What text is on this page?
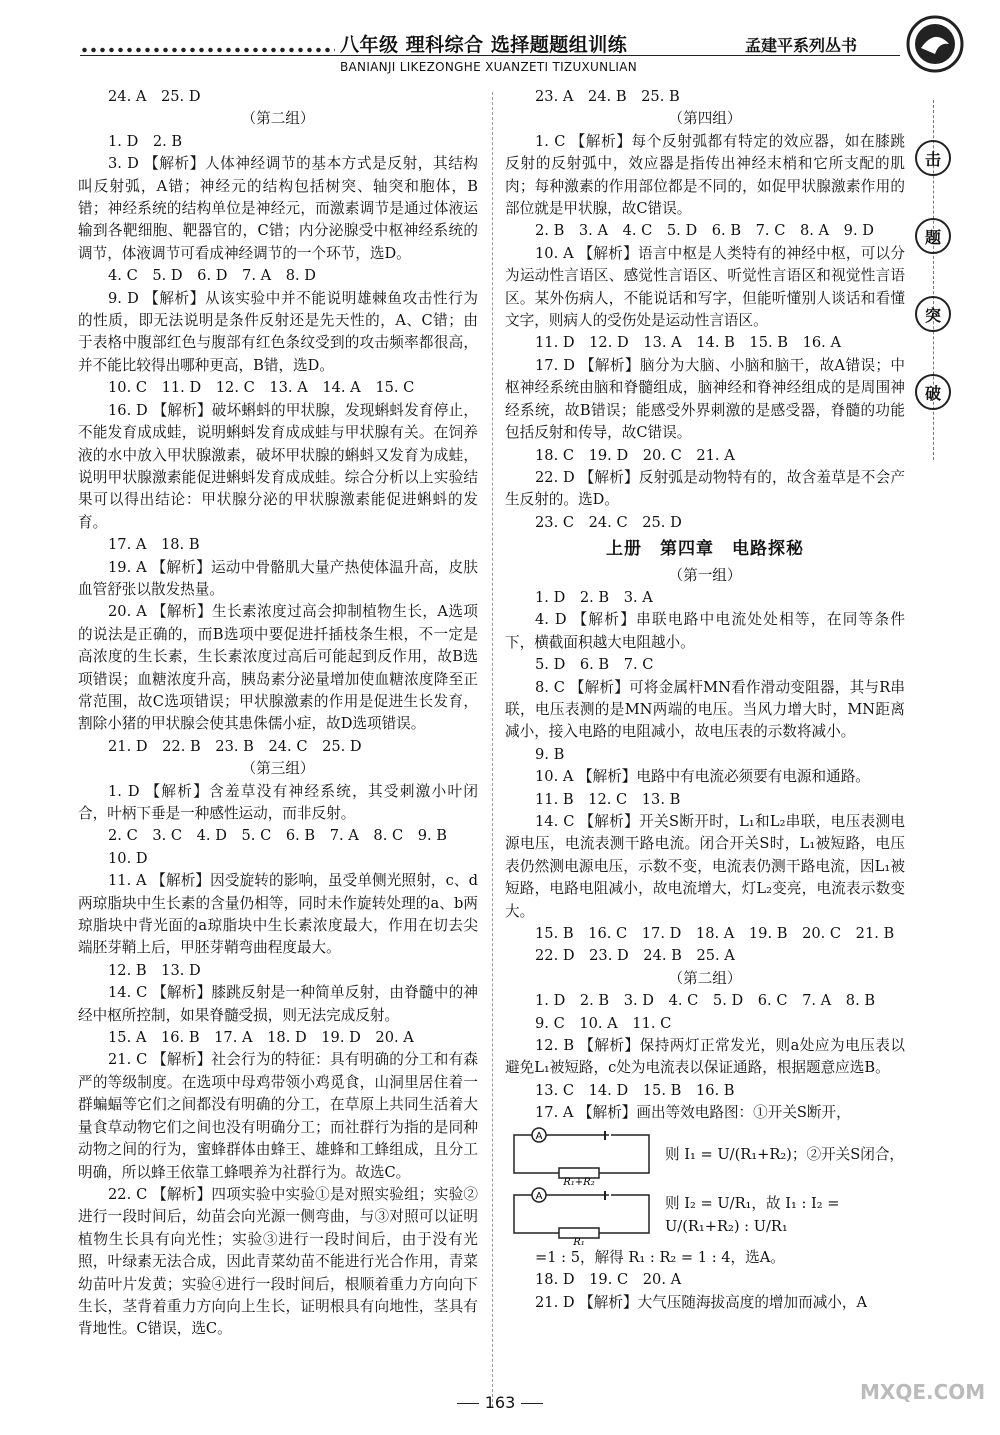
八年级 理科综合 选择题题组训练	孟建平系列丛书
BANIANJI LIKEZONGHE XUANZETI TIZUXUNLIAN
击
题
突
破

24. A　25. D

（第二组）

1. D　2. B

3. D 【解析】人体神经调节的基本方式是反射，其结构叫反射弧，A错；神经元的结构包括树突、轴突和胞体，B错；神经系统的结构单位是神经元，而激素调节是通过体液运输到各靶细胞、靶器官的，C错；内分泌腺受中枢神经系统的调节，体液调节可看成神经调节的一个环节，选D。

4. C　5. D　6. D　7. A　8. D

9. D 【解析】从该实验中并不能说明雄棘鱼攻击性行为的性质，即无法说明是条件反射还是先天性的，A、C错；由于表格中腹部红色与腹部有红色条纹受到的攻击频率都很高，并不能比较得出哪种更高，B错，选D。

10. C　11. D　12. C　13. A　14. A　15. C

16. D 【解析】破坏蝌蚪的甲状腺，发现蝌蚪发育停止，不能发育成成蛙，说明蝌蚪发育成成蛙与甲状腺有关。在饲养液的水中放入甲状腺激素，破坏甲状腺的蝌蚪又发育为成蛙，说明甲状腺激素能促进蝌蚪发育成成蛙。综合分析以上实验结果可以得出结论：甲状腺分泌的甲状腺激素能促进蝌蚪的发育。

17. A　18. B

19. A 【解析】运动中骨骼肌大量产热使体温升高，皮肤血管舒张以散发热量。

20. A 【解析】生长素浓度过高会抑制植物生长，A选项的说法是正确的，而B选项中要促进扦插枝条生根，不一定是高浓度的生长素，生长素浓度过高后可能起到反作用，故B选项错误；血糖浓度升高，胰岛素分泌量增加使血糖浓度降至正常范围，故C选项错误；甲状腺激素的作用是促进生长发育，割除小猪的甲状腺会使其患侏儒小症，故D选项错误。

21. D　22. B　23. B　24. C　25. D

（第三组）

1. D 【解析】含羞草没有神经系统，其受刺激小叶闭合，叶柄下垂是一种感性运动，而非反射。

2. C　3. C　4. D　5. C　6. B　7. A　8. C　9. B

10. D

11. A 【解析】因受旋转的影响，虽受单侧光照射，c、d两琼脂块中生长素的含量仍相等，同时未作旋转处理的a、b两琼脂块中背光面的a琼脂块中生长素浓度最大，作用在切去尖端胚芽鞘上后，甲胚芽鞘弯曲程度最大。

12. B　13. D

14. C 【解析】膝跳反射是一种简单反射，由脊髓中的神经中枢所控制，如果脊髓受损，则无法完成反射。

15. A　16. B　17. A　18. D　19. D　20. A

21. C 【解析】社会行为的特征：具有明确的分工和有森严的等级制度。在选项中母鸡带领小鸡觅食，山洞里居住着一群蝙蝠等它们之间都没有明确的分工，在草原上共同生活着大量食草动物它们之间也没有明确分工；而社群行为指的是同种动物之间的行为，蜜蜂群体由蜂王、雄蜂和工蜂组成，且分工明确，所以蜂王依靠工蜂喂养为社群行为。故选C。

22. C 【解析】四项实验中实验①是对照实验组；实验②进行一段时间后，幼苗会向光源一侧弯曲，与③对照可以证明植物生长具有向光性；实验③进行一段时间后，由于没有光照，叶绿素无法合成，因此青菜幼苗不能进行光合作用，青菜幼苗叶片发黄；实验④进行一段时间后，根顺着重力方向向下生长，茎背着重力方向向上生长，证明根具有向地性，茎具有背地性。C错误，选C。

23. A　24. B　25. B

（第四组）

1. C 【解析】每个反射弧都有特定的效应器，如在膝跳反射的反射弧中，效应器是指传出神经末梢和它所支配的肌肉；每种激素的作用部位都是不同的，如促甲状腺激素作用的部位就是甲状腺，故C错误。

2. B　3. A　4. C　5. D　6. B　7. C　8. A　9. D

10. A 【解析】语言中枢是人类特有的神经中枢，可以分为运动性言语区、感觉性言语区、听觉性言语区和视觉性言语区。某外伤病人，不能说话和写字，但能听懂别人谈话和看懂文字，则病人的受伤处是运动性言语区。

11. D　12. D　13. A　14. B　15. B　16. A

17. D 【解析】脑分为大脑、小脑和脑干，故A错误；中枢神经系统由脑和脊髓组成，脑神经和脊神经组成的是周围神经系统，故B错误；能感受外界刺激的是感受器，脊髓的功能包括反射和传导，故C错误。

18. C　19. D　20. C　21. A

22. D 【解析】反射弧是动物特有的，故含羞草是不会产生反射的。选D。

23. C　24. C　25. D

上册　第四章　电路探秘

（第一组）

1. D　2. B　3. A

4. D 【解析】串联电路中电流处处相等，在同等条件下，横截面积越大电阻越小。

5. D　6. B　7. C

8. C 【解析】可将金属杆MN看作滑动变阻器，其与R串联，电压表测的是MN两端的电压。当风力增大时，MN距离减小，接入电路的电阻减小，故电压表的示数将减小。

9. B

10. A 【解析】电路中有电流必须要有电源和通路。

11. B　12. C　13. B

14. C 【解析】开关S断开时，L₁和L₂串联，电压表测电源电压，电流表测干路电流。闭合开关S时，L₁被短路，电压表仍然测电源电压，示数不变，电流表仍测干路电流，因L₁被短路，电路电阻减小，故电流增大，灯L₂变亮，电流表示数变大。

15. B　16. C　17. D　18. A　19. B　20. C　21. B

22. D　23. D　24. B　25. A

（第二组）

1. D　2. B　3. D　4. C　5. D　6. C　7. A　8. B

9. C　10. A　11. C

12. B 【解析】保持两灯正常发光，则a处应为电压表以避免L₁被短路，c处为电流表以保证通路，根据题意应选B。

13. C　14. D　15. B　16. B

17. A 【解析】画出等效电路图：①开关S断开，

A
R₁+R₂
则 I₁ = U/(R₁+R₂)；②开关S闭合，
A
R₁
则 I₂ = U/R₁，故 I₁ : I₂ = U/(R₁+R₂) : U/R₁

=1 : 5，解得 R₁ : R₂ = 1 : 4，选A。

18. D　19. C　20. A

21. D 【解析】大气压随海拔高度的增加而减小，A

163	MXQE.COM
